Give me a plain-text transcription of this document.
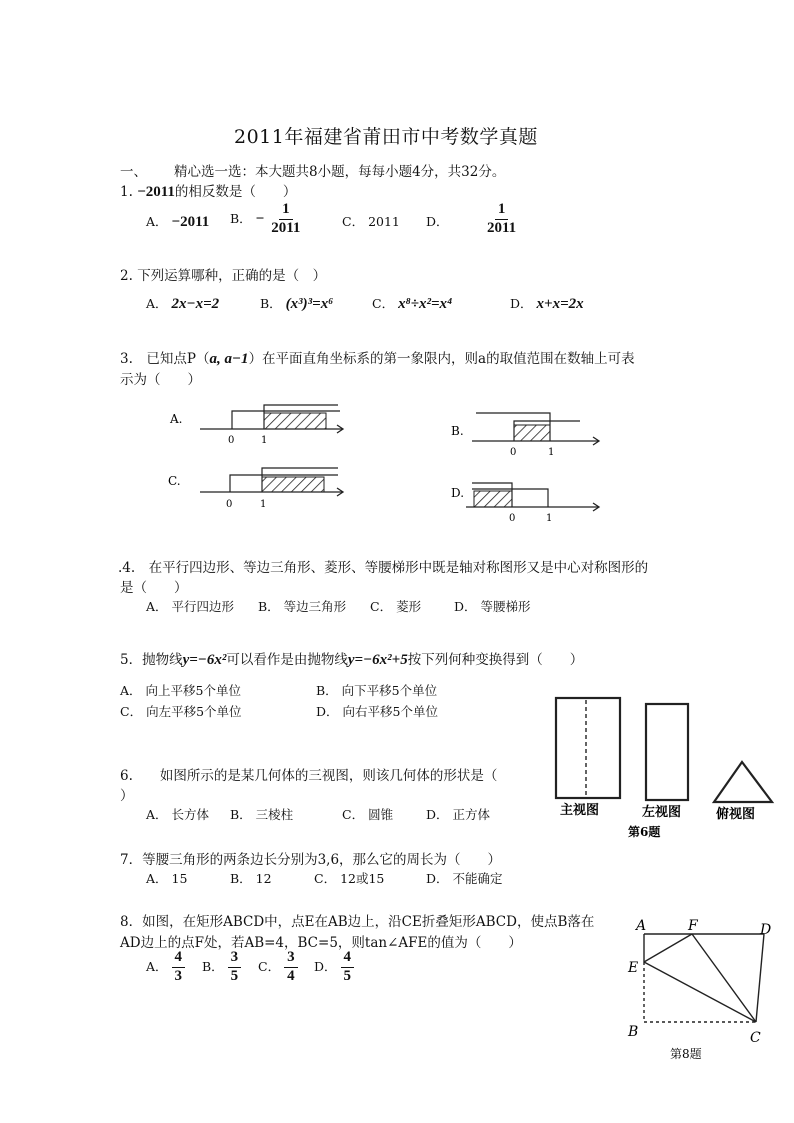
2011年福建省莆田市中考数学真题
一、 精心选一选：本大题共8小题，每每小题4分，共32分。
1. −2011的相反数是（　　）
A． −2011 B． − $\frac{1}{2011}$	C． 2011 D． $\frac{1}{2011}$
2. 下列运算哪种，正确的是（　）
A． 2x−x=2	B． (x³)³=x⁶	C． x⁸÷x²=x⁴	D． x+x=2x
3.　已知点P（a, a−1）在平面直角坐标系的第一象限内，则a的取值范围在数轴上可表
示为（　　）
A.
0	1
B.
0	1
C.
0	1
D.
0	1
.4.　在平行四边形、等边三角形、菱形、等腰梯形中既是轴对称图形又是中心对称图形的
是（　　）
A． 平行四边形 B． 等边三角形 C． 菱形	D． 等腰梯形
5．抛物线y=−6x²可以看作是由抛物线y=−6x²+5按下列何种变换得到（　　）
A． 向上平移5个单位	B． 向下平移5个单位
C． 向左平移5个单位	D． 向右平移5个单位
6.　　如图所示的是某几何体的三视图，则该几何体的形状是（
）
A． 长方体 B． 三棱柱	C． 圆锥	D． 正方体	主视图	左视图	俯视图
第6题
7．等腰三角形的两条边长分别为3,6，那么它的周长为（　　）
A． 15	B． 12	C． 12或15	D． 不能确定
8．如图，在矩形ABCD中，点E在AB边上，沿CE折叠矩形ABCD，使点B落在
AD边上的点F处，若AB=4，BC=5，则tan∠AFE的值为（　　）
A． $\frac{4}{3}$ B． $\frac{3}{5}$ C． $\frac{3}{4}$ D． $\frac{4}{5}$
A	F	D
E
B	C
第8题
